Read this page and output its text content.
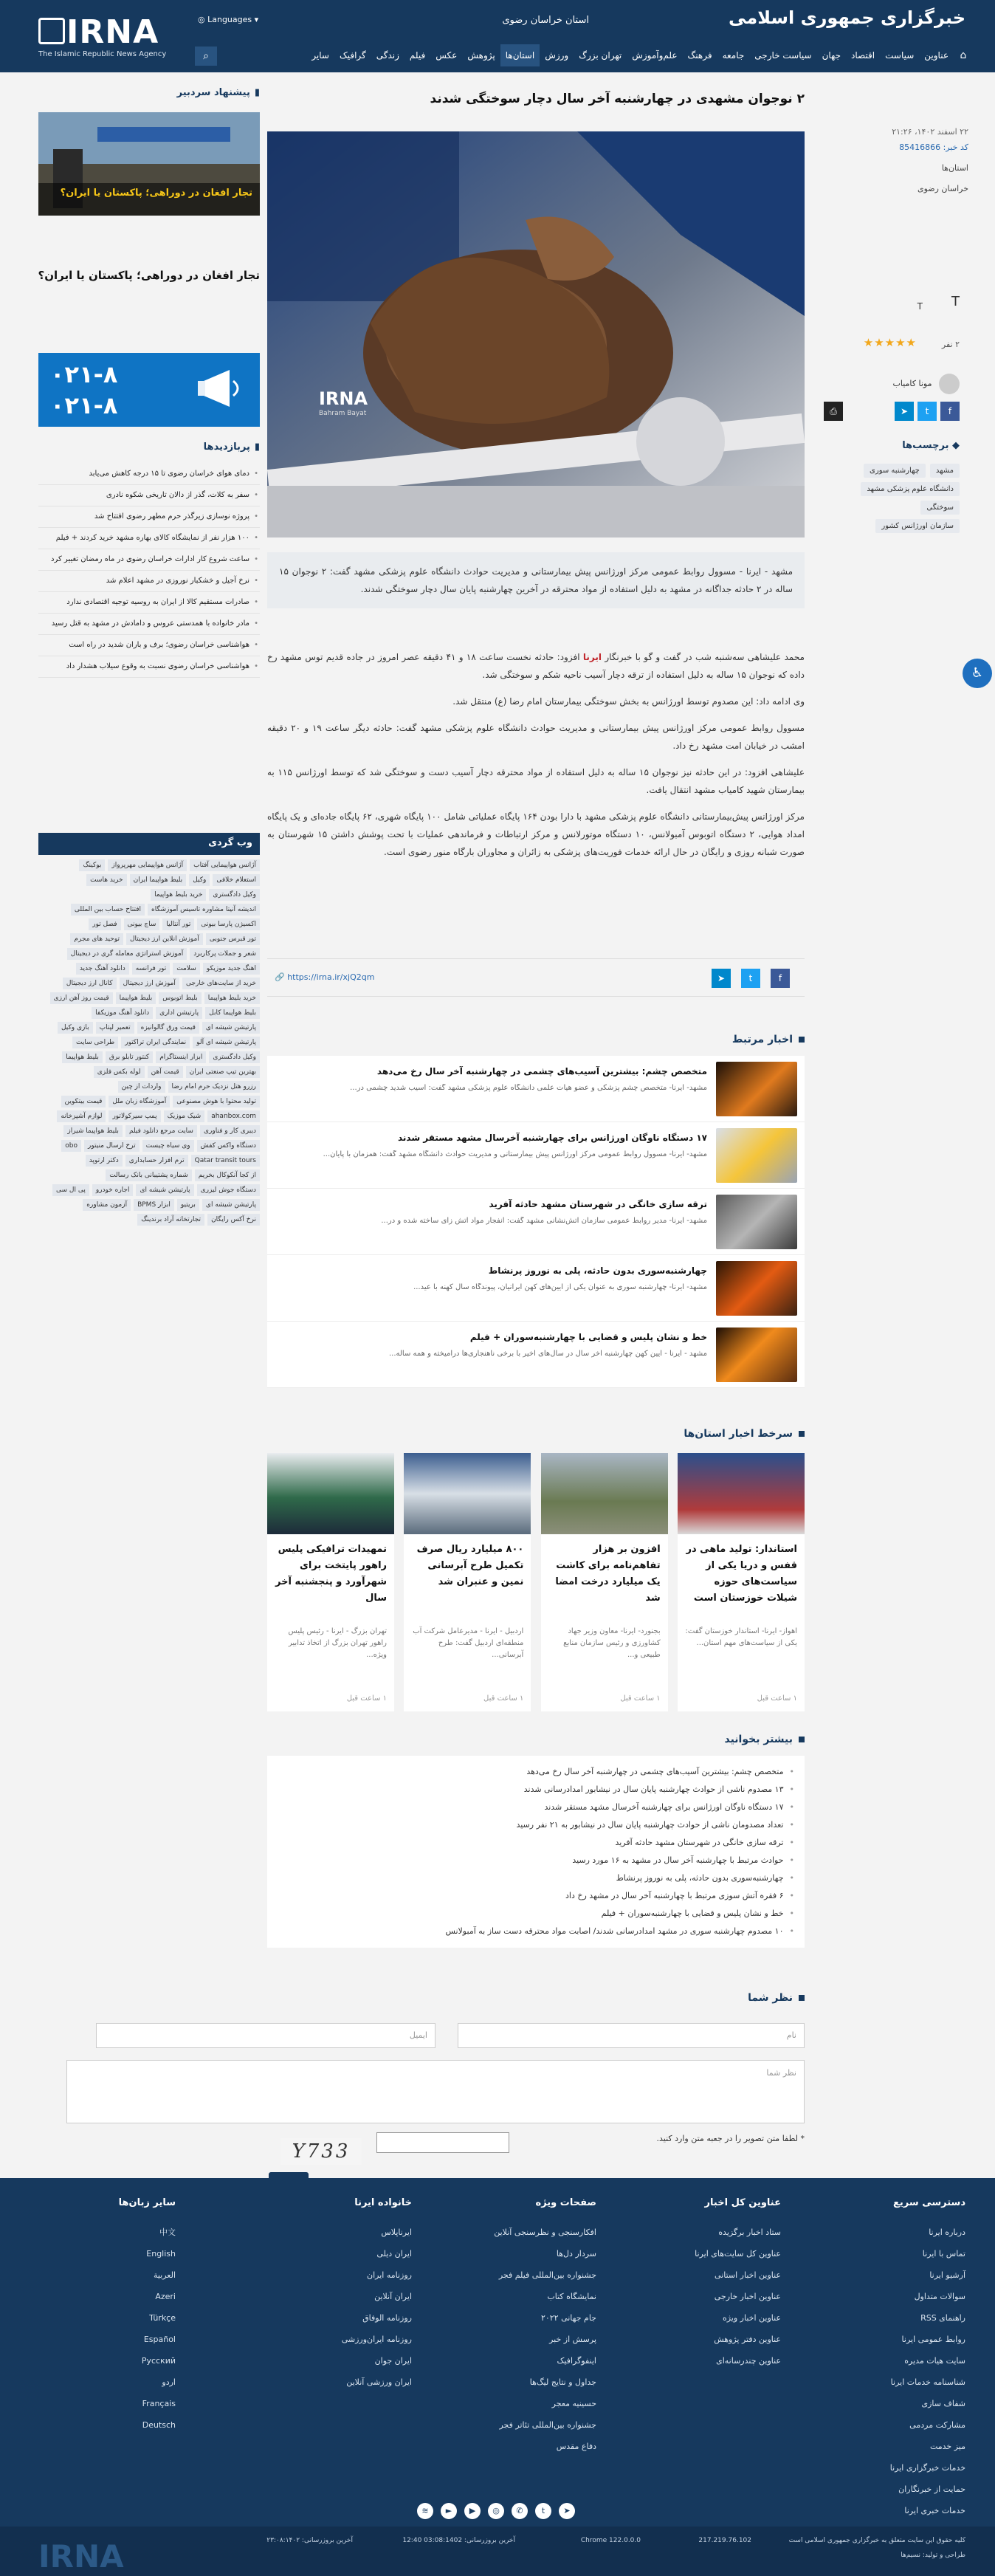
خبرگزاری جمهوری اسلامی
استان خراسان رضوی
◎ Languages ▾
IRNA
The Islamic Republic News Agency	⌂
عناوین
سیاست
اقتصاد
جهان
سیاست خارجی
جامعه
فرهنگ
علم‌وآموزش
تهران بزرگ
ورزش
استان‌ها
پژوهش
عکس
فیلم
زندگی
گرافیک
سایر
⌕
♿
۲ نوجوان مشهدی در چهارشنبه آخر سال دچار سوختگی شدند
۲۲ اسفند ۱۴۰۲، ۲۱:۲۶
کد خبر: 85416866
استان‌ها
خراسان رضوی
T
T
۲ نفر
★★★★★
مونا کامیاب
f
t
➤
⎙
◆ برچسب‌ها
مشهد
چهارشنبه سوری
دانشگاه علوم پزشکی مشهد
سوختگی
سازمان اورژانس کشور
IRNA
Bahram Bayat
مشهد - ایرنا - مسوول روابط عمومی مرکز اورژانس پیش بیمارستانی و مدیریت حوادث دانشگاه علوم پزشکی مشهد گفت: ۲ نوجوان ۱۵ ساله در ۲ حادثه جداگانه در مشهد به دلیل استفاده از مواد محترقه در آخرین چهارشنبه پایان سال دچار سوختگی شدند.

محمد علیشاهی سه‌شنبه شب در گفت و گو با خبرنگار ایرنا افزود: حادثه نخست ساعت ۱۸ و ۴۱ دقیقه عصر امروز در جاده قدیم توس مشهد رخ داده که نوجوان ۱۵ ساله به دلیل استفاده از ترقه دچار آسیب ناحیه شکم و سوختگی شد.

وی ادامه داد: این مصدوم توسط اورژانس به بخش سوختگی بیمارستان امام رضا (ع) منتقل شد.

مسوول روابط عمومی مرکز اورژانس پیش بیمارستانی و مدیریت حوادث دانشگاه علوم پزشکی مشهد گفت: حادثه دیگر ساعت ۱۹ و ۲۰ دقیقه امشب در خیابان امت مشهد رخ داد.

علیشاهی افزود: در این حادثه نیز نوجوان ۱۵ ساله به دلیل استفاده از مواد محترقه دچار آسیب دست و سوختگی شد که توسط اورژانس ۱۱۵ به بیمارستان شهید کامیاب مشهد انتقال یافت.

مرکز اورژانس پیش‌بیمارستانی دانشگاه علوم پزشکی مشهد با دارا بودن ۱۶۴ پایگاه عملیاتی شامل ۱۰۰ پایگاه شهری، ۶۲ پایگاه جاده‌ای و یک پایگاه امداد هوایی، ۲ دستگاه اتوبوس آمبولانس، ۱۰ دستگاه موتورلانس و مرکز ارتباطات و فرماندهی عملیات با تحت پوشش داشتن ۱۵ شهرستان به صورت شبانه روزی و رایگان در حال ارائه خدمات فوریت‌های پزشکی به زائران و مجاوران بارگاه منور رضوی است.

f
t
➤
🔗 https://irna.ir/xjQ2qm
اخبار مرتبط
متخصص چشم: بیشترین آسیب‌های چشمی در چهارشنبه آخر سال رخ می‌دهد
مشهد- ایرنا- متخصص چشم پزشکی و عضو هیات علمی دانشگاه علوم پزشکی مشهد گفت: آسیب شدید چشمی در...
۱۷ دستگاه ناوگان اورژانس برای چهارشنبه آخرسال مشهد مستقر شدند
مشهد- ایرنا- مسوول روابط عمومی مرکز اورژانس پیش بیمارستانی و مدیریت حوادث دانشگاه مشهد گفت: همزمان با پایان...
ترقه سازی خانگی در شهرستان مشهد حادثه آفرید
مشهد- ایرنا- مدیر روابط عمومی سازمان آتش‌نشانی مشهد گفت: انفجار مواد آتش زای ساخته شده و در...
چهارشنبه‌سوری بدون حادثه، پلی به نوروز پرنشاط
مشهد- ایرنا- چهارشنبه سوری به عنوان یکی از آیین‌های کهن ایرانیان، پیوندگاه سال کهنه با عید...
خط و نشان پلیس و قضایی با چهارشنبه‌سوران + فیلم
مشهد - ایرنا - آیین کهن چهارشنبه آخر سال در سال‌های اخیر با برخی ناهنجاری‌ها درآمیخته و همه ساله...
سرخط اخبار استان‌ها
استاندار: تولید ماهی در قفس و دریا یکی از سیاست‌های حوزه شیلات خوزستان است
اهواز- ایرنا- استاندار خوزستان گفت: یکی از سیاست‌های مهم استان...
۱ ساعت قبل
افزون بر هزار تفاهم‌نامه برای کاشت یک میلیارد درخت امضا شد
بجنورد- ایرنا- معاون وزیر جهاد کشاورزی و رئیس سازمان منابع طبیعی و...
۱ ساعت قبل
۸۰۰ میلیارد ریال صرف تکمیل طرح آبرسانی نمین و عنبران شد
اردبیل - ایرنا - مدیرعامل شرکت آب منطقه‌ای اردبیل گفت: طرح آبرسانی...
۱ ساعت قبل
تمهیدات ترافیکی پلیس راهور پایتخت برای شهرآورد و پنجشنبه آخر سال
تهران بزرگ - ایرنا - رئیس پلیس راهور تهران بزرگ از اتخاذ تدابیر ویژه...
۱ ساعت قبل
بیشتر بخوانید
• متخصص چشم: بیشترین آسیب‌های چشمی در چهارشنبه آخر سال رخ می‌دهد
• ۱۳ مصدوم ناشی از حوادث چهارشنبه پایان سال در نیشابور امدادرسانی شدند
• ۱۷ دستگاه ناوگان اورژانس برای چهارشنبه آخرسال مشهد مستقر شدند
• تعداد مصدومان ناشی از حوادث چهارشنبه پایان سال در نیشابور به ۲۱ نفر رسید
• ترقه سازی خانگی در شهرستان مشهد حادثه آفرید
• حوادث مرتبط با چهارشنبه آخر سال در مشهد به ۱۶ مورد رسید
• چهارشنبه‌سوری بدون حادثه، پلی به نوروز پرنشاط
• ۶ فقره آتش سوزی مرتبط با چهارشنبه آخر سال در مشهد رخ داد
• خط و نشان پلیس و قضایی با چهارشنبه‌سوران + فیلم
• ۱۰ مصدوم چهارشنبه سوری در مشهد امدادرسانی شدند/ اصابت مواد محترقه دست ساز به آمبولانس
نظر شما
نام
ایمیل
نظر شما
* لطفا متن تصویر را در جعبه متن وارد کنید.
Y733
▮پیشنهاد سردبیر
تجار افغان در دوراهی؛ پاکستان یا ایران؟
تجار افغان در دوراهی؛ پاکستان یا ایران؟
۰۲۱-۸
۰۲۱-۸
▮پربازدیدها
• دمای هوای خراسان رضوی تا ۱۵ درجه کاهش می‌یابد
• سفر به کلات، گذر از دالان تاریخی شکوه نادری
• پروژه نوسازی زیرگذر حرم مطهر رضوی افتتاح شد
• ۱۰۰ هزار نفر از نمایشگاه کالای بهاره مشهد خرید کردند + فیلم
• ساعت شروع کار ادارات خراسان رضوی در ماه رمضان تغییر کرد
• نرخ آجیل و خشکبار نوروزی در مشهد اعلام شد
• صادرات مستقیم کالا از ایران به روسیه توجیه اقتصادی ندارد
• مادر خانواده با همدستی عروس و دامادش در مشهد به قتل رسید
• هواشناسی خراسان رضوی؛ برف و باران شدید در راه است
• هواشناسی خراسان رضوی نسبت به وقوع سیلاب هشدار داد
وب گردی
آژانس هواپیمایی آفتاب
آژانس هواپیمایی مهرپرواز
بوکینگ
استعلام خلافی
وکیل
بلیط هواپیما ایران
خرید هاست
وکیل دادگستری
خرید بلیط هواپیما
اندیشه آنیتا مشاوره تاسیس آموزشگاه
افتتاح حساب بین المللی
اکسیژن پارسا بیونی
تور آنتالیا
ساج بیونی
فصل تور
تور قبرس جنوبی
آموزش انلاین ارز دیجیتال
توحید های مجرم
شعر و جملات پرکاربرد
آموزش استراتژی معامله گری در دیجیتال
اهنگ جدید موزیکو
سلامت
تور فرانسه
دانلود آهنگ جدید
خرید از سایت‌های خارجی
آموزش ارز دیجیتال
کانال ارز دیجیتال
خرید بلیط هواپیما
بلیط اتوبوس
بلیط هواپیما
قیمت روز آهن ارزی
بلیط هواپیما کابل
پارتیشن اداری
دانلود آهنگ موزیکفا
پارتیشن شیشه ای
قیمت ورق گالوانیزه
تعمیر لپتاپ
بازی وکیل
پارتیشن شیشه ای آلو
نمایندگی ایران تراکتور
طراحی سایت
وکیل دادگستری
ابزار اینستاگرام
کنتور تابلو برق
بلیط هواپیما
بهترین تیپ صنعتی ایران
قیمت آهن
لوله بکس فلزی
رزرو هتل نزدیک حرم امام رضا
واردات از چین
تولید محتوا با هوش مصنوعی
آموزشگاه زبان ملل
قیمت بیتکوین
ahanbox.com
شیک موزیک
پمپ سیرکولاتور
لوازم آشپزخانه
دیبری کار و فناوری
سایت مرجع دانلود فیلم
بلیط هواپیما شیراز
دستگاه واکس کفش
وی سیاه چیست
ترخ ارسال منیتور
obo
Qatar transit tours
ترم افزار حسابداری
دکتر ارتوپد
از کجا آنکوکال بخریم
شماره پشتیبانی بانک رسالت
دستگاه جوش لیزری
پارتیشن شیشه ای
اجاره خودرو
پی ال سی
پارتیشن شیشه ای
بریتیو
ابزار BPMS
آزمون مشاوره
نرخ آکس رایگان
تجارتخانه آراد برندینگ
دسترسی سریع
درباره ایرنا
تماس با ایرنا
آرشیو ایرنا
سوالات متداول
راهنمای RSS
روابط عمومی ایرنا
سایت هیات مدیره
شناسنامه خدمات ایرنا
شفاف سازی
مشارکت مردمی
میز خدمت
خدمات خبرگزاری ایرنا
حمایت از خبرنگاران
خدمات خبری ایرنا
عناوین کل اخبار
ستاد اخبار برگزیده
عناوین کل سایت‌های ایرنا
عناوین اخبار استانی
عناوین اخبار خارجی
عناوین اخبار ویژه
عناوین دفتر پژوهش
عناوین چندرسانه‌ای
صفحات ویژه
افکارسنجی و نظرسنجی آنلاین
سردار دل‌ها
جشنواره بین‌المللی فیلم فجر
نمایشگاه کتاب
جام جهانی ۲۰۲۲
پرسش از خبر
اینفوگرافیک
جداول و نتایج لیگ‌ها
حسینیه معجر
جشنواره بین‌المللی تئاتر فجر
دفاع مقدس
خانواده ایرنا
ایرنا‌پلاس
ایران دیلی
روزنامه ایران
ایران آنلاین
روزنامه الوفاق
روزنامه ایران‌ورزشی
ایران جوان
ایران ورزشی آنلاین
سایر زبان‌ها
中文
English
العربية
Azeri
Türkçe
Español
Русский
اردو
Français
Deutsch
➤
t
✆
◎
▶
►
≋
IRNA	کلیه حقوق این سایت متعلق به خبرگزاری جمهوری اسلامی است
طراحی و تولید: نسیم‌ها
217.219.76.102
Chrome 122.0.0.0
آخرین بروزرسانی: 03:08:1402 12:40
آخرین بروزرسانی: ۲۳:۰۸:۱۴۰۲
